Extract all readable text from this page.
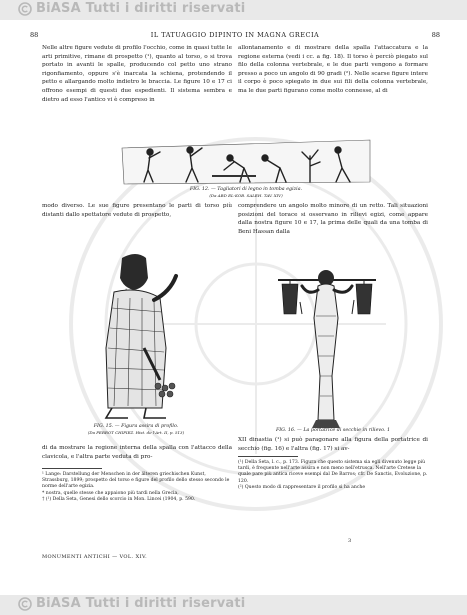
BiASA Tutti i diritti riservati
88	IL TATUAGGIO DIPINTO IN MAGNA GRECIA	88
Nelle altre figure vedute di profilo l'occhio, come in quasi tutte le arti primitive, rimane di prospetto (¹), quanto al torso, o si trova portato in avanti le spalle, producendo col petto uno strano rigonfiamento, oppure s'è inarcata la schiena, protendendo il petto e allargando molto indietro le braccia. Le figure 10 e 17 ci offrono esempi di questi due espedienti. Il sistema sembra e dietro ad esso l'antico vi è compreso in
allontanamento e di mostrare della spalla l'attaccatura e la regione esterna (vedi i cc. a fig. 18). Il torso è perciò piegato sul filo della colonna vertebrale, e le due parti vengono a formare presso a poco un angolo di 90 gradi (²). Nelle scarse figure intere il corpo è poco spiegato in due sui fili della colonna vertebrale, ma le due parti figurano come molto connesse, al di
FIG. 12. — Tagliatori di legno in tomba egizia.
(Da ABD EL-KOB. SALEH. TAV. XIV)
modo diverso. Le sue figure presentano le parti di torso più distanti dallo spettatore vedute di prospetto,
comprendere un angolo molto minore di un retto. Tali situazioni posizioni del torace si osservano in rilievi egizi, come appare dalla nostra figure 10 e 17, la prima delle quali da una tomba di Beni Hassan dalla
FIG. 15. — Figura assira di profilo.
(Da PERROT CHIPIEZ. Hist. de l'Art. II, p. 513)	FIG. 16. — La portatrice di secchie in rilievo. 1
di da mostrare la regione interna della spalla con l'attacco della clavicola, e l'altra parte veduta di pro-
XII dinastia (¹) si può paragonare alla figura della portatrice di secchio (fig. 16) e l'altra (fig. 17) si av-
¹ Lange: Darstellung der Menschen in der älteren griechischen Kunst, Strassburg, 1899; prospetto del torso e figure del profilo dello stesso secondo le norme dell'arte egizia.
* nostra, quelle stesse che appaiono più tardi nella Grecia,
† (¹) Della Seta, Genesi dello scorcio in Mon. Lincei (1904, p. 590.
(¹) Della Seta, l. c., p. 173. Figura che questo sistema sia egli divenuto legge più tardi, è frequente nell'arte assira e non meno nell'etrusca. Nell'arte Cretese la quale pare più antica riceve esempi dal De Barros; cfr. De Sanctis, Evoluzione, p. 120.
(²) Questo modo di rappresentare il profilo si ha anche
MONUMENTI ANTICHI — VOL. XIV.
3
BiASA Tutti i diritti riservati
